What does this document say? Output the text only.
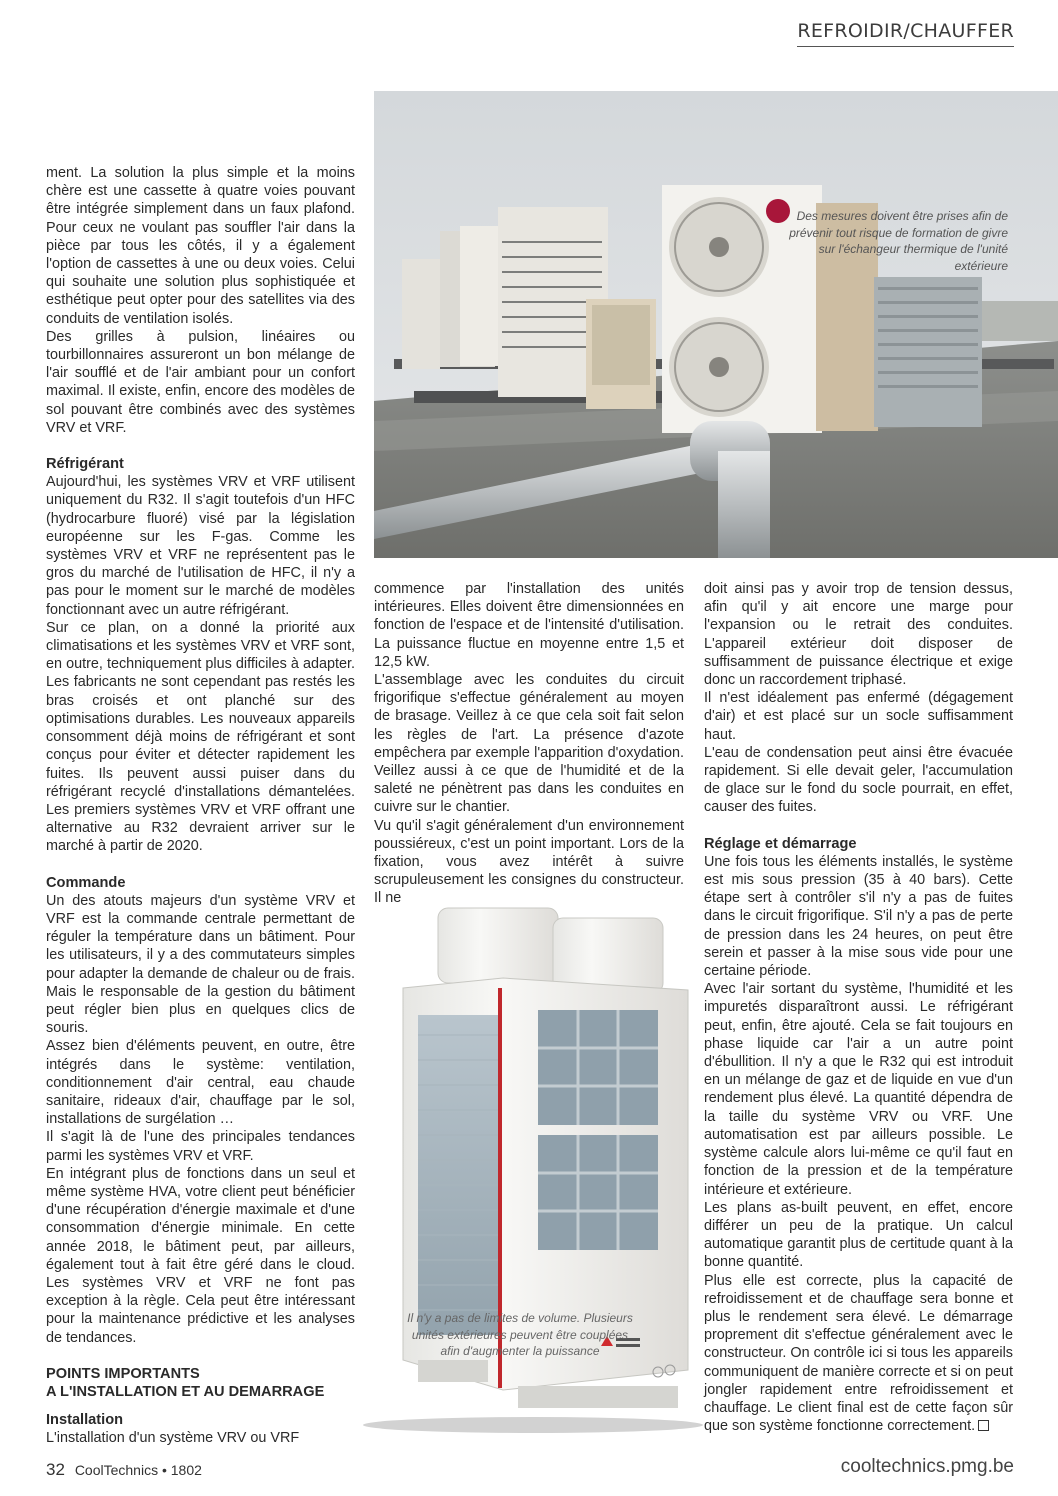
REFROIDIR/CHAUFFER
Des mesures doivent être prises afin de prévenir tout risque de formation de givre sur l'échangeur thermique de l'unité extérieure

ment. La solution la plus simple et la moins chère est une cassette à quatre voies pouvant être intégrée simplement dans un faux plafond. Pour ceux ne voulant pas souffler l'air dans la pièce par tous les côtés, il y a également l'option de cassettes à une ou deux voies. Celui qui souhaite une solution plus sophistiquée et esthétique peut opter pour des satellites via des conduits de ventilation isolés.

Des grilles à pulsion, linéaires ou tourbillonnaires assureront un bon mélange de l'air soufflé et de l'air ambiant pour un confort maximal. Il existe, enfin, encore des modèles de sol pouvant être combinés avec des systèmes VRV et VRF.

Réfrigérant

Aujourd'hui, les systèmes VRV et VRF utilisent uniquement du R32. Il s'agit toutefois d'un HFC (hydrocarbure fluoré) visé par la législation européenne sur les F-gas. Comme les systèmes VRV et VRF ne représentent pas le gros du marché de l'utilisation de HFC, il n'y a pas pour le moment sur le marché de modèles fonctionnant avec un autre réfrigérant.

Sur ce plan, on a donné la priorité aux climatisations et les systèmes VRV et VRF sont, en outre, techniquement plus difficiles à adapter. Les fabricants ne sont cependant pas restés les bras croisés et ont planché sur des optimisations durables. Les nouveaux appareils consomment déjà moins de réfrigérant et sont conçus pour éviter et détecter rapidement les fuites. Ils peuvent aussi puiser dans du réfrigérant recyclé d'installations démantelées. Les premiers systèmes VRV et VRF offrant une alternative au R32 devraient arriver sur le marché à partir de 2020.

Commande

Un des atouts majeurs d'un système VRV et VRF est la commande centrale permettant de réguler la température dans un bâtiment. Pour les utilisateurs, il y a des commutateurs simples pour adapter la demande de chaleur ou de frais. Mais le responsable de la gestion du bâtiment peut régler bien plus en quelques clics de souris.

Assez bien d'éléments peuvent, en outre, être intégrés dans le système: ventilation, conditionnement d'air central, eau chaude sanitaire, rideaux d'air, chauffage par le sol, installations de surgélation …

Il s'agit là de l'une des principales tendances parmi les systèmes VRV et VRF.

En intégrant plus de fonctions dans un seul et même système HVA, votre client peut bénéficier d'une récupération d'énergie maximale et d'une consommation d'énergie minimale. En cette année 2018, le bâtiment peut, par ailleurs, également tout à fait être géré dans le cloud. Les systèmes VRV et VRF ne font pas exception à la règle. Cela peut être intéressant pour la maintenance prédictive et les analyses de tendances.

POINTS IMPORTANTS
A L'INSTALLATION ET AU DEMARRAGE
Installation

L'installation d'un système VRV ou VRF

commence par l'installation des unités intérieures. Elles doivent être dimensionnées en fonction de l'espace et de l'intensité d'utilisation. La puissance fluctue en moyenne entre 1,5 et 12,5 kW.

L'assemblage avec les conduites du circuit frigorifique s'effectue généralement au moyen de brasage. Veillez à ce que cela soit fait selon les règles de l'art. La présence d'azote empêchera par exemple l'apparition d'oxydation. Veillez aussi à ce que de l'humidité et de la saleté ne pénètrent pas dans les conduites en cuivre sur le chantier.

Vu qu'il s'agit généralement d'un environnement poussiéreux, c'est un point important. Lors de la fixation, vous avez intérêt à suivre scrupuleusement les consignes du constructeur. Il ne

Il n'y a pas de limites de volume. Plusieurs unités extérieures peuvent être couplées afin d'augmenter la puissance

doit ainsi pas y avoir trop de tension dessus, afin qu'il y ait encore une marge pour l'expansion ou le retrait des conduites. L'appareil extérieur doit disposer de suffisamment de puissance électrique et exige donc un raccordement triphasé.

Il n'est idéalement pas enfermé (dégagement d'air) et est placé sur un socle suffisamment haut.

L'eau de condensation peut ainsi être évacuée rapidement. Si elle devait geler, l'accumulation de glace sur le fond du socle pourrait, en effet, causer des fuites.

Réglage et démarrage

Une fois tous les éléments installés, le système est mis sous pression (35 à 40 bars). Cette étape sert à contrôler s'il n'y a pas de fuites dans le circuit frigorifique. S'il n'y a pas de perte de pression dans les 24 heures, on peut être serein et passer à la mise sous vide pour une certaine période.

Avec l'air sortant du système, l'humidité et les impuretés disparaîtront aussi. Le réfrigérant peut, enfin, être ajouté. Cela se fait toujours en phase liquide car l'air a un autre point d'ébullition. Il n'y a que le R32 qui est introduit en un mélange de gaz et de liquide en vue d'un rendement plus élevé. La quantité dépendra de la taille du système VRV ou VRF. Une automatisation est par ailleurs possible. Le système calcule alors lui-même ce qu'il faut en fonction de la pression et de la température intérieure et extérieure.

Les plans as-built peuvent, en effet, encore différer un peu de la pratique. Un calcul automatique garantit plus de certitude quant à la bonne quantité.

Plus elle est correcte, plus la capacité de refroidissement et de chauffage sera bonne et plus le rendement sera élevé. Le démarrage proprement dit s'effectue généralement avec le constructeur. On contrôle ici si tous les appareils communiquent de manière correcte et si on peut jongler rapidement entre refroidissement et chauffage. Le client final est de cette façon sûr que son système fonctionne correctement.

32 CoolTechnics • 1802	cooltechnics.pmg.be
